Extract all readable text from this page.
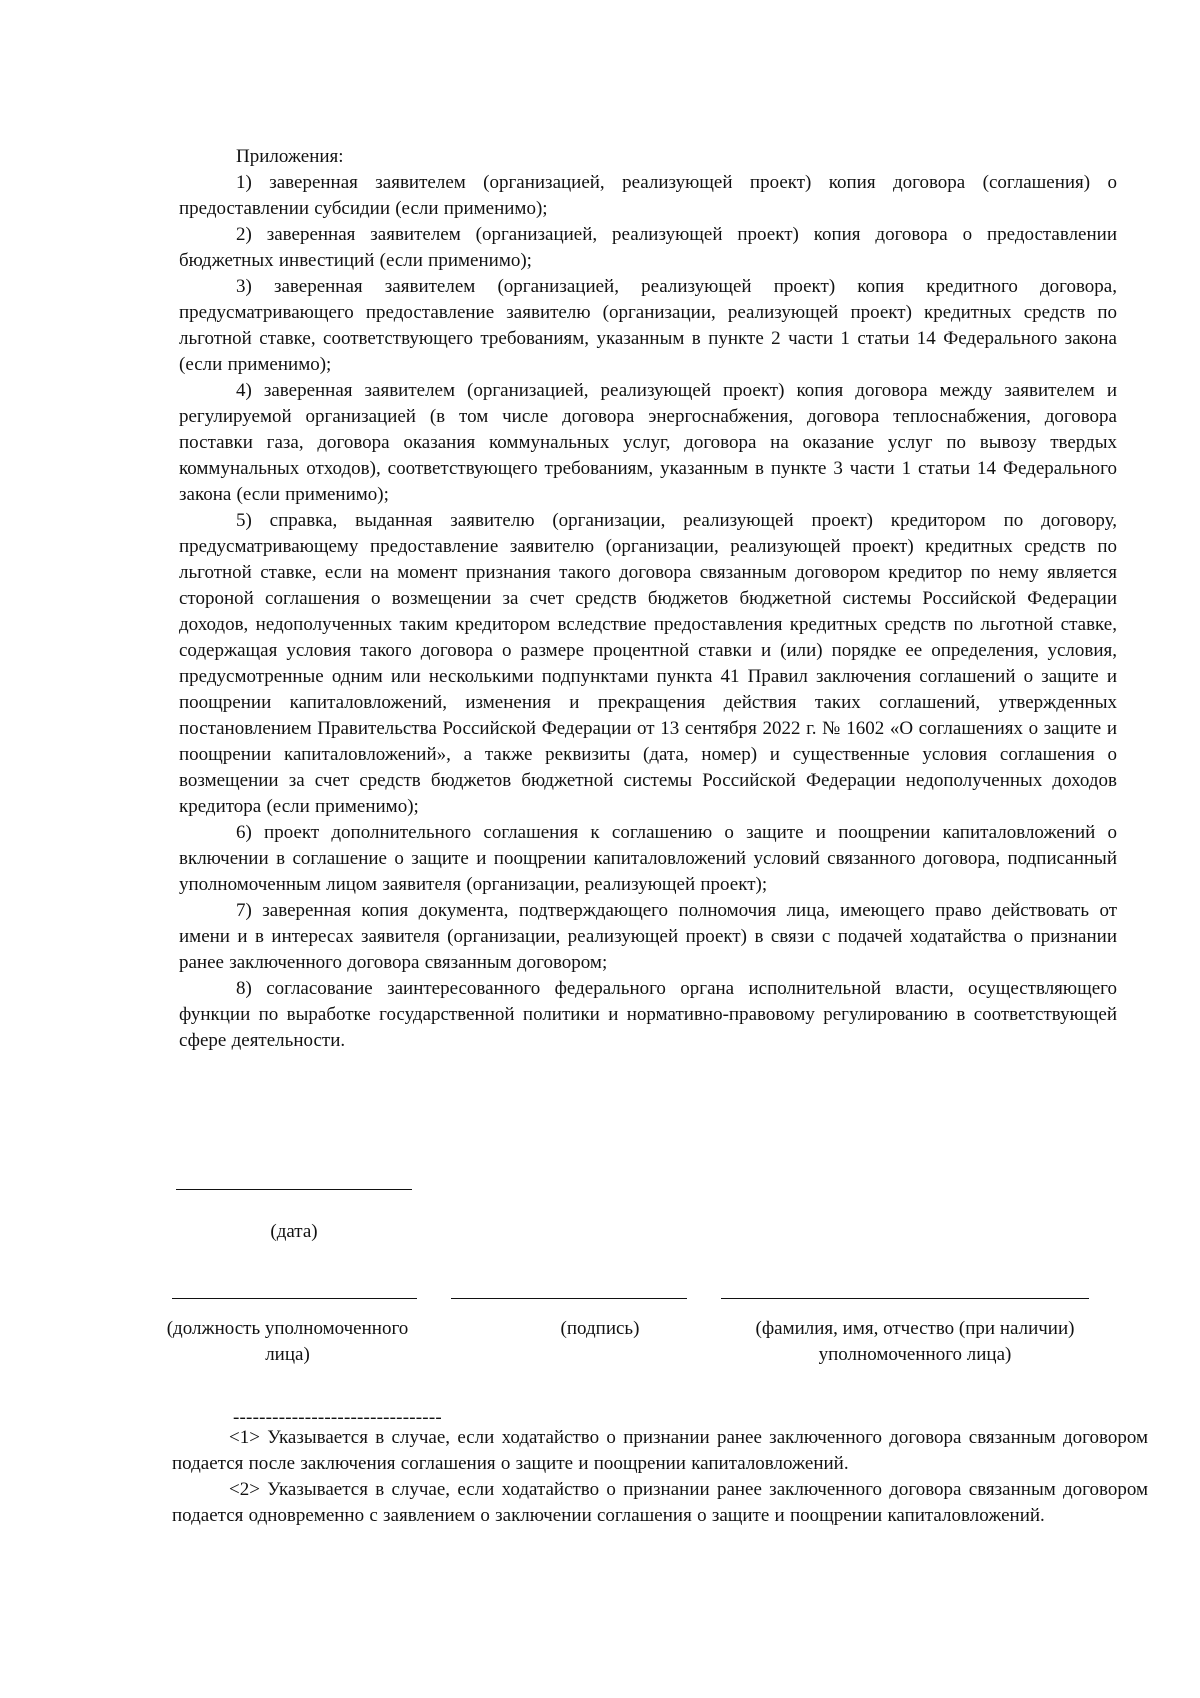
Приложения:

1) заверенная заявителем (организацией, реализующей проект) копия договора (соглашения) о предоставлении субсидии (если применимо);

2) заверенная заявителем (организацией, реализующей проект) копия договора о предоставлении бюджетных инвестиций (если применимо);

3) заверенная заявителем (организацией, реализующей проект) копия кредитного договора, предусматривающего предоставление заявителю (организации, реализующей проект) кредитных средств по льготной ставке, соответствующего требованиям, указанным в пункте 2 части 1 статьи 14 Федерального закона (если применимо);

4) заверенная заявителем (организацией, реализующей проект) копия договора между заявителем и регулируемой организацией (в том числе договора энергоснабжения, договора теплоснабжения, договора поставки газа, договора оказания коммунальных услуг, договора на оказание услуг по вывозу твердых коммунальных отходов), соответствующего требованиям, указанным в пункте 3 части 1 статьи 14 Федерального закона (если применимо);

5) справка, выданная заявителю (организации, реализующей проект) кредитором по договору, предусматривающему предоставление заявителю (организации, реализующей проект) кредитных средств по льготной ставке, если на момент признания такого договора связанным договором кредитор по нему является стороной соглашения о возмещении за счет средств бюджетов бюджетной системы Российской Федерации доходов, недополученных таким кредитором вследствие предоставления кредитных средств по льготной ставке, содержащая условия такого договора о размере процентной ставки и (или) порядке ее определения, условия, предусмотренные одним или несколькими подпунктами пункта 41 Правил заключения соглашений о защите и поощрении капиталовложений, изменения и прекращения действия таких соглашений, утвержденных постановлением Правительства Российской Федерации от 13 сентября 2022 г. № 1602 «О соглашениях о защите и поощрении капиталовложений», а также реквизиты (дата, номер) и существенные условия соглашения о возмещении за счет средств бюджетов бюджетной системы Российской Федерации недополученных доходов кредитора (если применимо);

6) проект дополнительного соглашения к соглашению о защите и поощрении капиталовложений о включении в соглашение о защите и поощрении капиталовложений условий связанного договора, подписанный уполномоченным лицом заявителя (организации, реализующей проект);

7) заверенная копия документа, подтверждающего полномочия лица, имеющего право действовать от имени и в интересах заявителя (организации, реализующей проект) в связи с подачей ходатайства о признании ранее заключенного договора связанным договором;

8) согласование заинтересованного федерального органа исполнительной власти, осуществляющего функции по выработке государственной политики и нормативно-правовому регулированию в соответствующей сфере деятельности.

(дата)

(должность уполномоченного лица)

(подпись)	(фамилия, имя, отчество (при наличии) уполномоченного лица)

--------------------------------

<1> Указывается в случае, если ходатайство о признании ранее заключенного договора связанным договором подается после заключения соглашения о защите и поощрении капиталовложений.

<2> Указывается в случае, если ходатайство о признании ранее заключенного договора связанным договором подается одновременно с заявлением о заключении соглашения о защите и поощрении капиталовложений.
